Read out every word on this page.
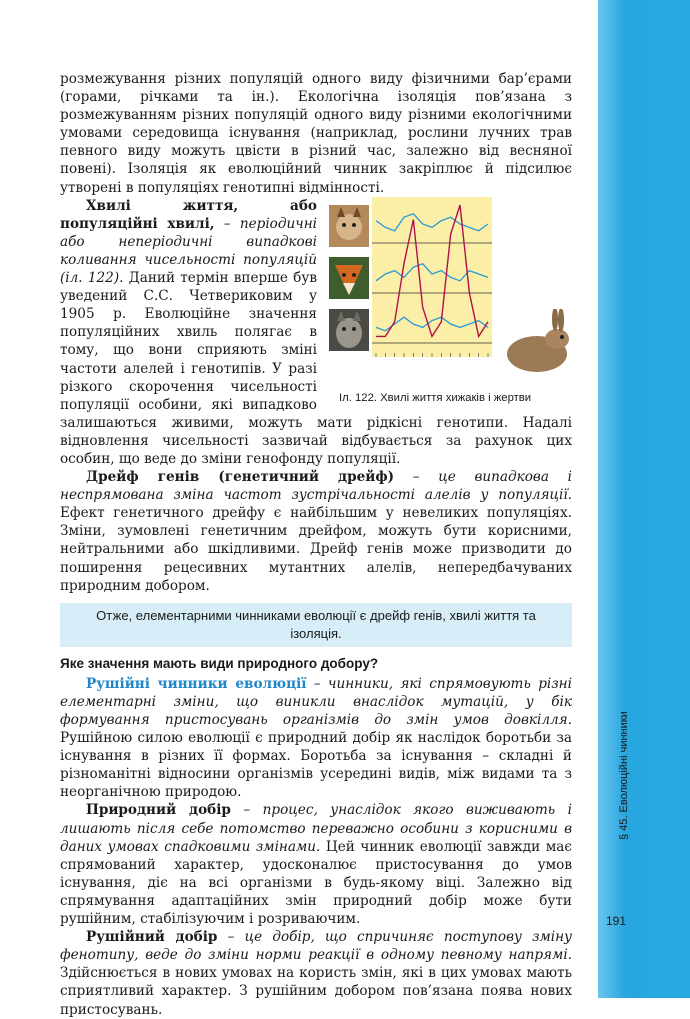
§ 45. Еволюційні чинники
191

розмежування різних популяцій одного виду фізичними бар’єрами (горами, річками та ін.). Екологічна ізоляція пов’язана з розмежуванням різних популяцій одного виду різними екологічними умовами середовища існування (наприклад, рослини лучних трав певного виду можуть цвісти в різний час, залежно від весняної повені). Ізоляція як еволюційний чинник закріплює й підсилює утворені в популяціях генотипні відмінності.

Іл. 122. Хвилі життя хижаків і жертви

Хвилі життя, або популяційні хвилі, – періодичні або неперіодичні випадкові коливання чисельності популяцій (іл. 122). Даний термін вперше був уведений С.С. Четвериковим у 1905 р. Еволюційне значення популяційних хвиль полягає в тому, що вони сприяють зміні частоти алелей і генотипів. У разі різкого скорочення чисельності популяції особини, які випадково залишаються живими, можуть мати рідкісні генотипи. Надалі відновлення чисельності зазвичай відбувається за рахунок цих особин, що веде до зміни генофонду популяції.

Дрейф генів (генетичний дрейф) – це випадкова і неспрямована зміна частот зустрічальності алелів у популяції. Ефект генетичного дрейфу є найбільшим у невеликих популяціях. Зміни, зумовлені генетичним дрейфом, можуть бути корисними, нейтральними або шкідливими. Дрейф генів може призводити до поширення рецесивних мутантних алелів, непередбачуваних природним добором.

Отже, елементарними чинниками еволюції є дрейф генів, хвилі життя та ізоляція.
Яке значення мають види природного добору?

Рушійні чинники еволюції – чинники, які спрямовують різні елементарні зміни, що виникли внаслідок мутацій, у бік формування пристосувань організмів до змін умов довкілля. Рушійною силою еволюції є природний добір як наслідок боротьби за існування в різних її формах. Боротьба за існування – складні й різноманітні відносини організмів усередині видів, між видами та з неорганічною природою.

Природний добір – процес, унаслідок якого виживають і лишають після себе потомство переважно особини з корисними в даних умовах спадковими змінами. Цей чинник еволюції завжди має спрямований характер, удосконалює пристосування до умов існування, діє на всі організми в будь-якому віці. Залежно від спрямування адаптаційних змін природний добір може бути рушійним, стабілізуючим і розриваючим.

Рушійний добір – це добір, що спричиняє поступову зміну фенотипу, веде до зміни норми реакції в одному певному напрямі. Здійснюється в нових умовах на користь змін, які в цих умовах мають сприятливий характер. З рушійним добором пов’язана поява нових пристосувань.
